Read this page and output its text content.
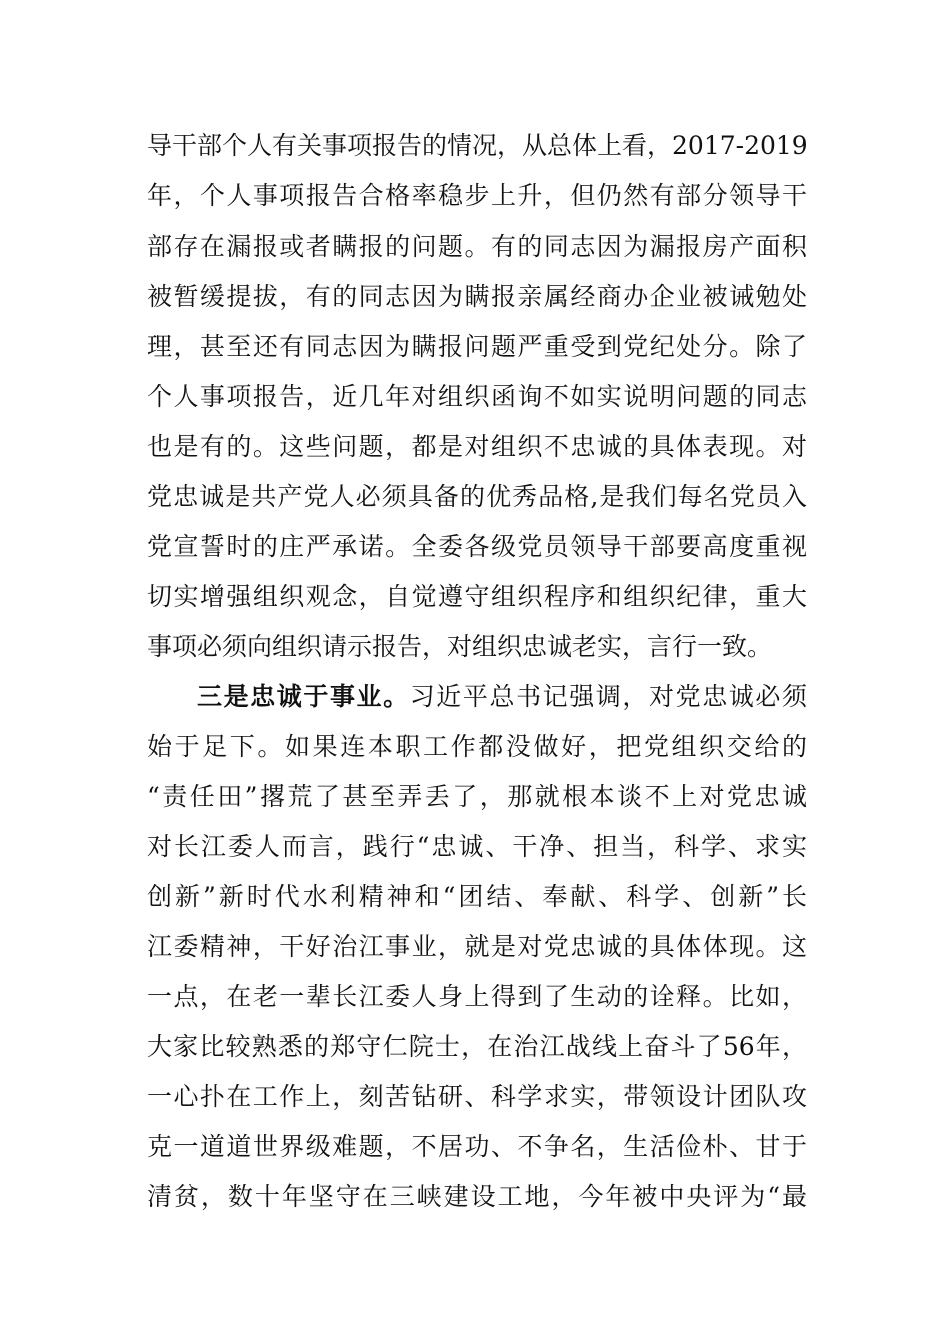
导干部个人有关事项报告的情况，从总体上看，2017-2019
年，个人事项报告合格率稳步上升，但仍然有部分领导干
部存在漏报或者瞒报的问题。有的同志因为漏报房产面积
被暂缓提拔，有的同志因为瞒报亲属经商办企业被诫勉处
理，甚至还有同志因为瞒报问题严重受到党纪处分。除了
个人事项报告，近几年对组织函询不如实说明问题的同志
也是有的。这些问题，都是对组织不忠诚的具体表现。对
党忠诚是共产党人必须具备的优秀品格,是我们每名党员入
党宣誓时的庄严承诺。全委各级党员领导干部要高度重视
切实增强组织观念，自觉遵守组织程序和组织纪律，重大
事项必须向组织请示报告，对组织忠诚老实，言行一致。
三是忠诚于事业。习近平总书记强调，对党忠诚必须
始于足下。如果连本职工作都没做好，把党组织交给的
“责任田”撂荒了甚至弄丢了，那就根本谈不上对党忠诚
对长江委人而言，践行“忠诚、干净、担当，科学、求实
创新”新时代水利精神和“团结、奉献、科学、创新”长
江委精神，干好治江事业，就是对党忠诚的具体体现。这
一点，在老一辈长江委人身上得到了生动的诠释。比如，
大家比较熟悉的郑守仁院士，在治江战线上奋斗了56年，
一心扑在工作上，刻苦钻研、科学求实，带领设计团队攻
克一道道世界级难题，不居功、不争名，生活俭朴、甘于
清贫，数十年坚守在三峡建设工地，今年被中央评为“最
